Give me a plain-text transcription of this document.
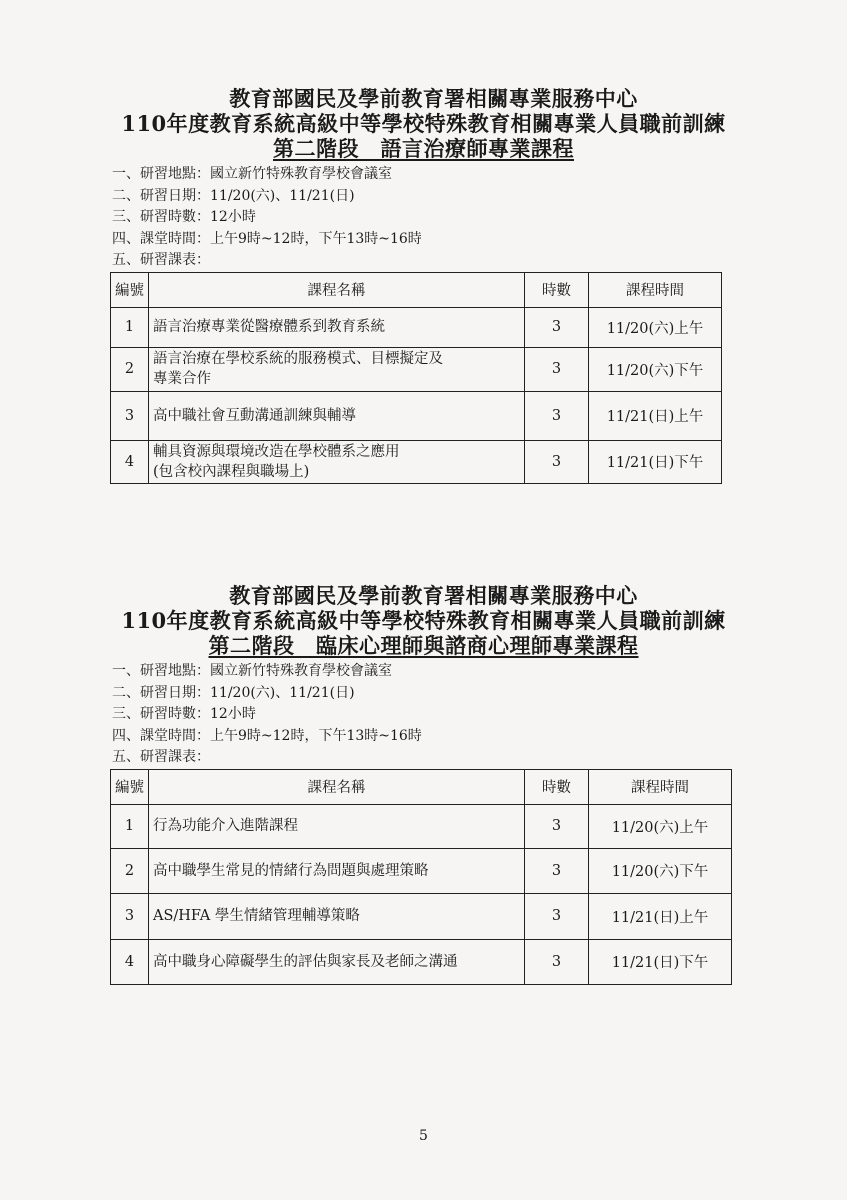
教育部國民及學前教育署相關專業服務中心
110年度教育系統高級中等學校特殊教育相關專業人員職前訓練
第二階段　語言治療師專業課程
一、研習地點：國立新竹特殊教育學校會議室
二、研習日期：11/20(六)、11/21(日)
三、研習時數：12小時
四、課堂時間：上午9時~12時，下午13時~16時
五、研習課表：
編號	課程名稱	時數	課程時間
1	語言治療專業從醫療體系到教育系統	3	11/20(六)上午
2	語言治療在學校系統的服務模式、目標擬定及
專業合作	3	11/20(六)下午
3	高中職社會互動溝通訓練與輔導	3	11/21(日)上午
4	輔具資源與環境改造在學校體系之應用
(包含校內課程與職場上)	3	11/21(日)下午
教育部國民及學前教育署相關專業服務中心
110年度教育系統高級中等學校特殊教育相關專業人員職前訓練
第二階段　臨床心理師與諮商心理師專業課程
一、研習地點：國立新竹特殊教育學校會議室
二、研習日期：11/20(六)、11/21(日)
三、研習時數：12小時
四、課堂時間：上午9時~12時，下午13時~16時
五、研習課表：
編號	課程名稱	時數	課程時間
1	行為功能介入進階課程	3	11/20(六)上午
2	高中職學生常見的情緒行為問題與處理策略	3	11/20(六)下午
3	AS/HFA 學生情緒管理輔導策略	3	11/21(日)上午
4	高中職身心障礙學生的評估與家長及老師之溝通	3	11/21(日)下午
5
